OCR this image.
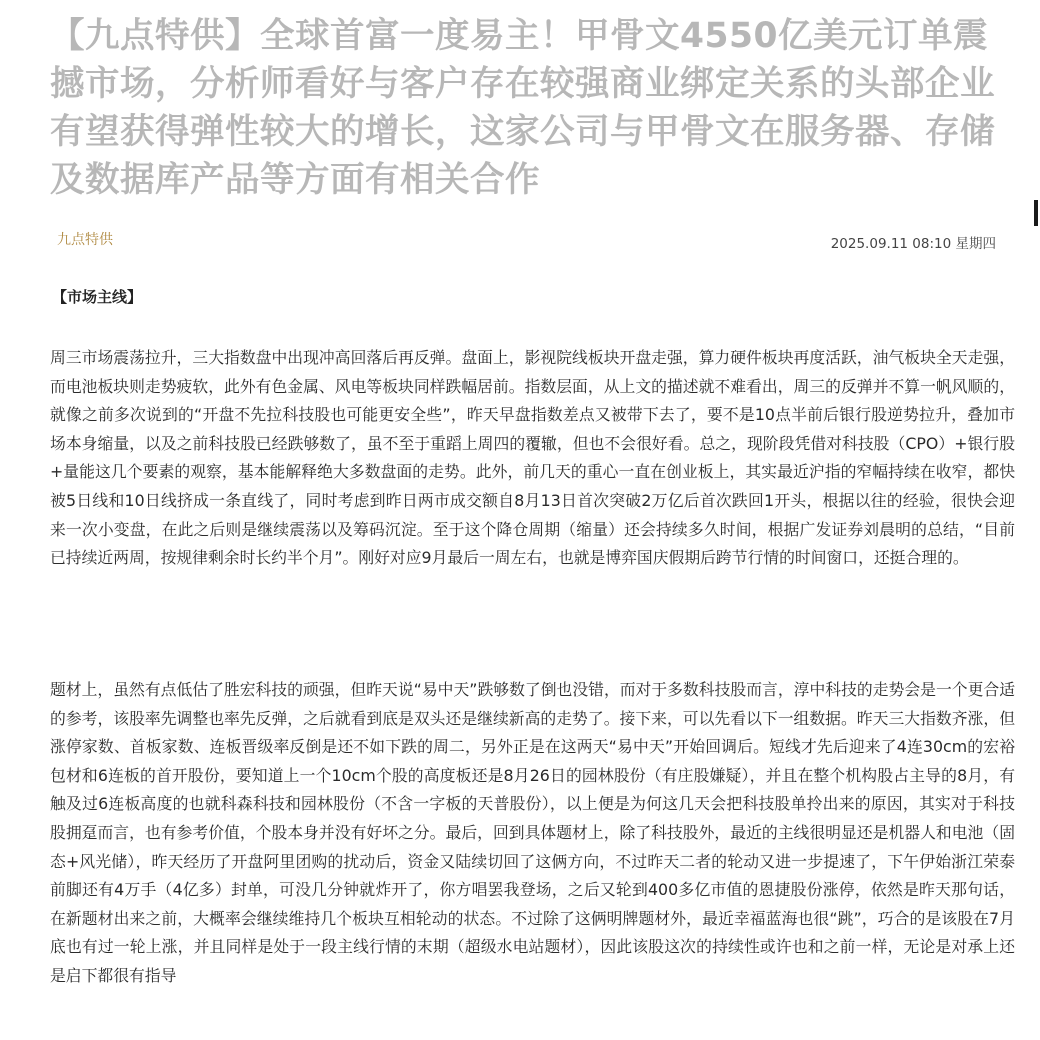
【九点特供】全球首富一度易主！甲骨文4550亿美元订单震撼市场，分析师看好与客户存在较强商业绑定关系的头部企业有望获得弹性较大的增长，这家公司与甲骨文在服务器、存储及数据库产品等方面有相关合作
九点特供	2025.09.11 08:10 星期四
【市场主线】

周三市场震荡拉升，三大指数盘中出现冲高回落后再反弹。盘面上，影视院线板块开盘走强，算力硬件板块再度活跃，油气板块全天走强，而电池板块则走势疲软，此外有色金属、风电等板块同样跌幅居前。指数层面，从上文的描述就不难看出，周三的反弹并不算一帆风顺的，就像之前多次说到的“开盘不先拉科技股也可能更安全些”，昨天早盘指数差点又被带下去了，要不是10点半前后银行股逆势拉升，叠加市场本身缩量，以及之前科技股已经跌够数了，虽不至于重蹈上周四的覆辙，但也不会很好看。总之，现阶段凭借对科技股（CPO）+银行股+量能这几个要素的观察，基本能解释绝大多数盘面的走势。此外，前几天的重心一直在创业板上，其实最近沪指的窄幅持续在收窄，都快被5日线和10日线挤成一条直线了，同时考虑到昨日两市成交额自8月13日首次突破2万亿后首次跌回1开头，根据以往的经验，很快会迎来一次小变盘，在此之后则是继续震荡以及筹码沉淀。至于这个降仓周期（缩量）还会持续多久时间，根据广发证券刘晨明的总结，“目前已持续近两周，按规律剩余时长约半个月”。刚好对应9月最后一周左右，也就是博弈国庆假期后跨节行情的时间窗口，还挺合理的。

题材上，虽然有点低估了胜宏科技的顽强，但昨天说“易中天”跌够数了倒也没错，而对于多数科技股而言，淳中科技的走势会是一个更合适的参考，该股率先调整也率先反弹，之后就看到底是双头还是继续新高的走势了。接下来，可以先看以下一组数据。昨天三大指数齐涨，但涨停家数、首板家数、连板晋级率反倒是还不如下跌的周二，另外正是在这两天“易中天”开始回调后。短线才先后迎来了4连30cm的宏裕包材和6连板的首开股份，要知道上一个10cm个股的高度板还是8月26日的园林股份（有庄股嫌疑），并且在整个机构股占主导的8月，有触及过6连板高度的也就科森科技和园林股份（不含一字板的天普股份），以上便是为何这几天会把科技股单拎出来的原因，其实对于科技股拥趸而言，也有参考价值，个股本身并没有好坏之分。最后，回到具体题材上，除了科技股外，最近的主线很明显还是机器人和电池（固态+风光储），昨天经历了开盘阿里团购的扰动后，资金又陆续切回了这俩方向，不过昨天二者的轮动又进一步提速了，下午伊始浙江荣泰前脚还有4万手（4亿多）封单，可没几分钟就炸开了，你方唱罢我登场，之后又轮到400多亿市值的恩捷股份涨停，依然是昨天那句话，在新题材出来之前，大概率会继续维持几个板块互相轮动的状态。不过除了这俩明牌题材外，最近幸福蓝海也很“跳”，巧合的是该股在7月底也有过一轮上涨，并且同样是处于一段主线行情的末期（超级水电站题材），因此该股这次的持续性或许也和之前一样，无论是对承上还是启下都很有指导
